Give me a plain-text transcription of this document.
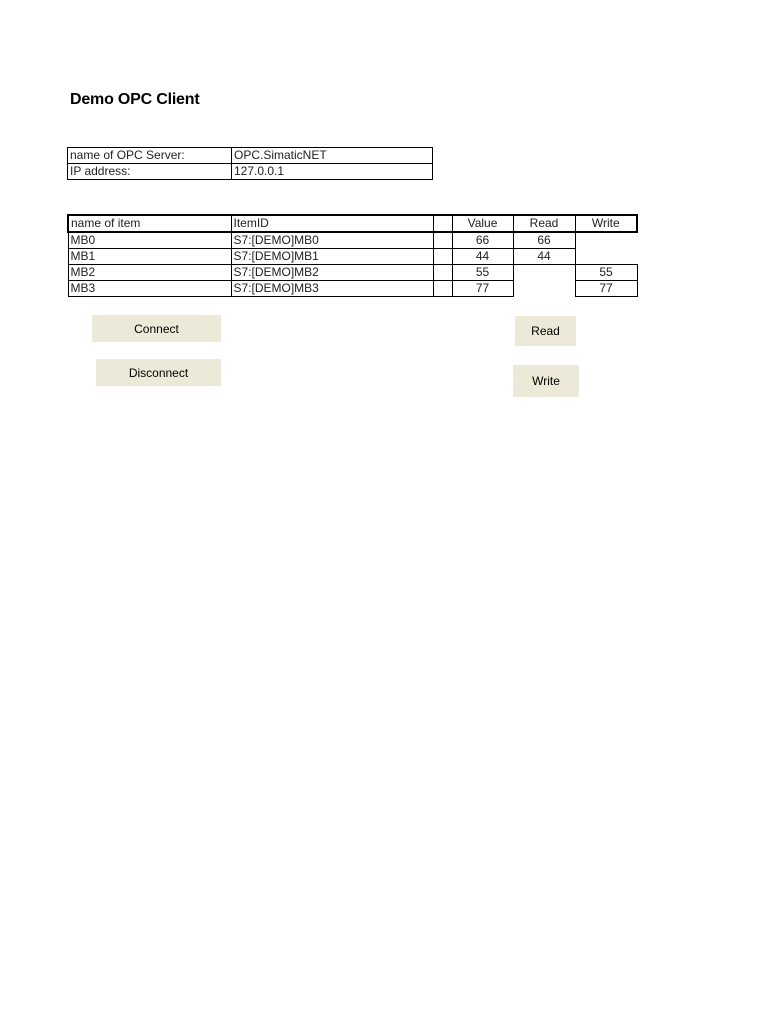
Demo OPC Client
name of OPC Server:	OPC.SimaticNET
IP address:	127.0.0.1
name of item	ItemID		Value	Read	Write
MB0	S7:[DEMO]MB0		66	66	
MB1	S7:[DEMO]MB1		44	44	
MB2	S7:[DEMO]MB2		55		55
MB3	S7:[DEMO]MB3		77		77
Connect
Disconnect
Read
Write
